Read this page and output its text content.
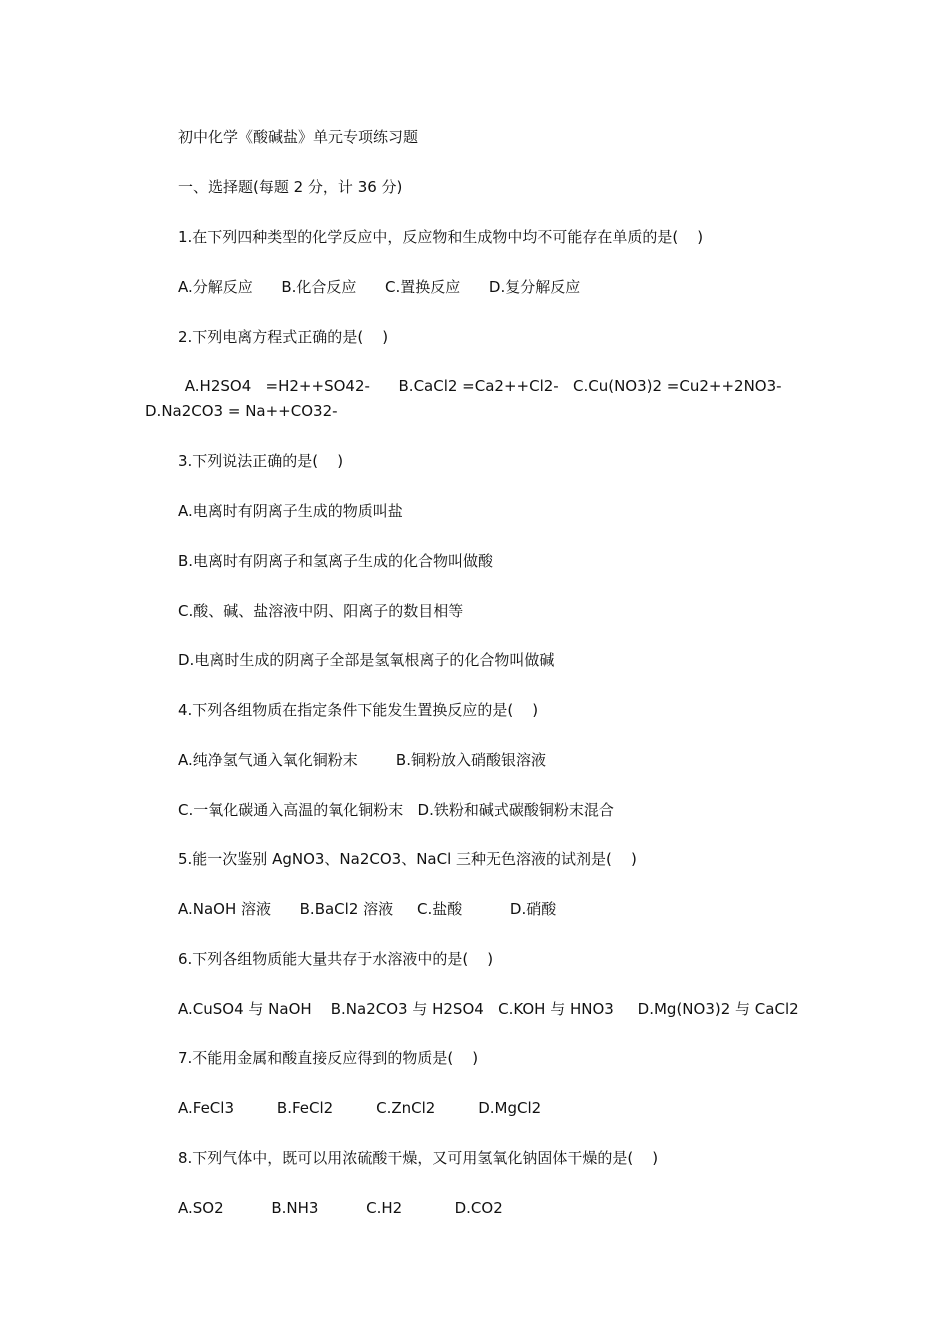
初中化学《酸碱盐》单元专项练习题

一、选择题(每题 2 分，计 36 分)

1.在下列四种类型的化学反应中，反应物和生成物中均不可能存在单质的是(    )

A.分解反应      B.化合反应      C.置换反应      D.复分解反应

2.下列电离方程式正确的是(    )

A.H2SO4   =H2++SO42-      B.CaCl2 =Ca2++Cl2-   C.Cu(NO3)2 =Cu2++2NO3- D.Na2CO3 = Na++CO32-

3.下列说法正确的是(    )

A.电离时有阴离子生成的物质叫盐

B.电离时有阴离子和氢离子生成的化合物叫做酸

C.酸、碱、盐溶液中阴、阳离子的数目相等

D.电离时生成的阴离子全部是氢氧根离子的化合物叫做碱

4.下列各组物质在指定条件下能发生置换反应的是(    )

A.纯净氢气通入氧化铜粉末        B.铜粉放入硝酸银溶液

C.一氧化碳通入高温的氧化铜粉末   D.铁粉和碱式碳酸铜粉末混合

5.能一次鉴别 AgNO3、Na2CO3、NaCl 三种无色溶液的试剂是(    )

A.NaOH 溶液      B.BaCl2 溶液     C.盐酸          D.硝酸

6.下列各组物质能大量共存于水溶液中的是(    )

A.CuSO4 与 NaOH    B.Na2CO3 与 H2SO4   C.KOH 与 HNO3     D.Mg(NO3)2 与 CaCl2

7.不能用金属和酸直接反应得到的物质是(    )

A.FeCl3         B.FeCl2         C.ZnCl2         D.MgCl2

8.下列气体中，既可以用浓硫酸干燥，又可用氢氧化钠固体干燥的是(    )

A.SO2          B.NH3          C.H2           D.CO2
